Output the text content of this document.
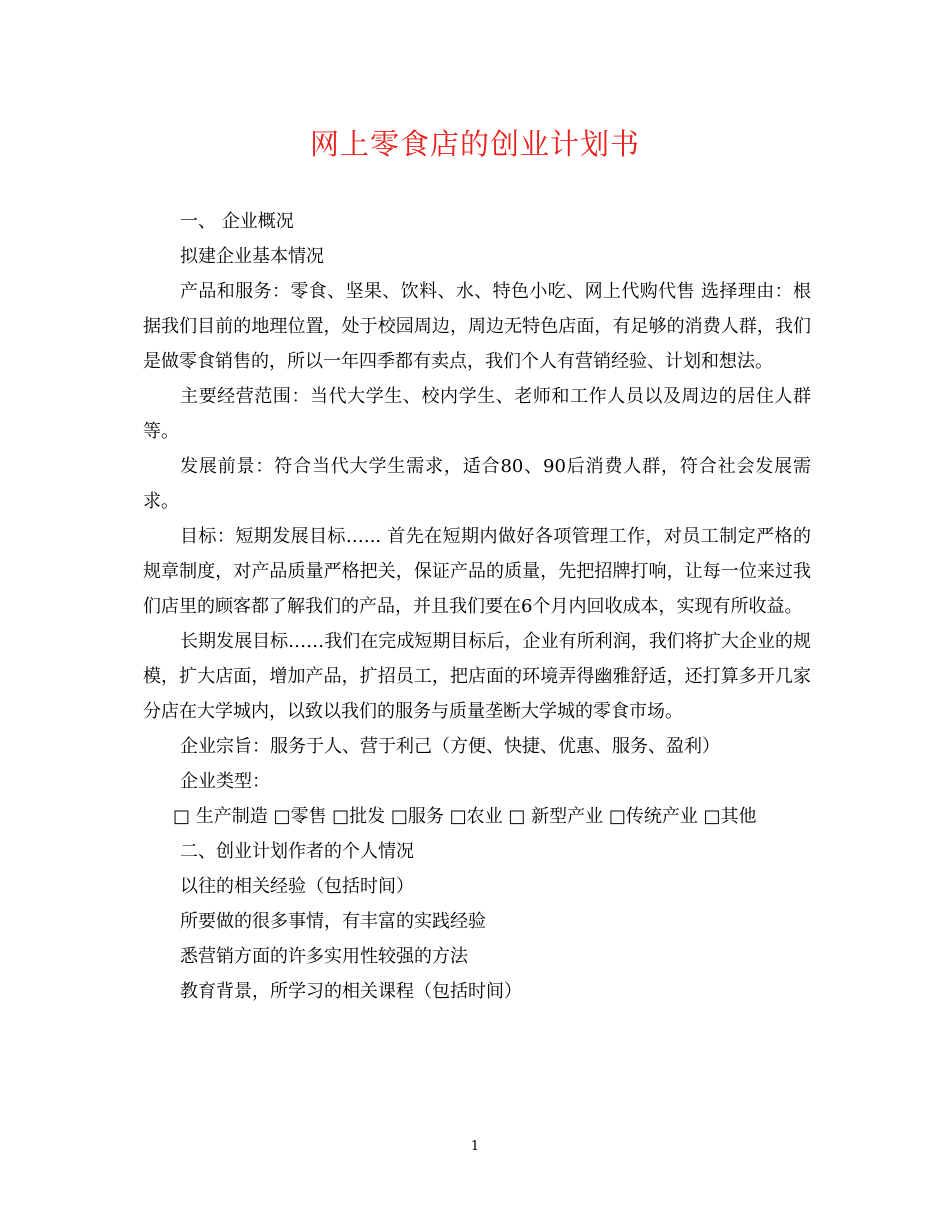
网上零食店的创业计划书

一、 企业概况

拟建企业基本情况

产品和服务：零食、坚果、饮料、水、特色小吃、网上代购代售 选择理由：根据我们目前的地理位置，处于校园周边，周边无特色店面，有足够的消费人群，我们是做零食销售的，所以一年四季都有卖点，我们个人有营销经验、计划和想法。

主要经营范围：当代大学生、校内学生、老师和工作人员以及周边的居住人群等。

发展前景：符合当代大学生需求，适合80、90后消费人群，符合社会发展需求。

目标：短期发展目标.….. 首先在短期内做好各项管理工作，对员工制定严格的规章制度，对产品质量严格把关，保证产品的质量，先把招牌打响，让每一位来过我们店里的顾客都了解我们的产品，并且我们要在6个月内回收成本，实现有所收益。

长期发展目标……我们在完成短期目标后，企业有所利润，我们将扩大企业的规模，扩大店面，增加产品，扩招员工，把店面的环境弄得幽雅舒适，还打算多开几家分店在大学城内，以致以我们的服务与质量垄断大学城的零食市场。

企业宗旨：服务于人、营于利己（方便、快捷、优惠、服务、盈利）

企业类型：

□ 生产制造 □零售 □批发 □服务 □农业 □ 新型产业 □传统产业 □其他

二、创业计划作者的个人情况

以往的相关经验（包括时间）

所要做的很多事情，有丰富的实践经验

悉营销方面的许多实用性较强的方法

教育背景，所学习的相关课程（包括时间）

1
